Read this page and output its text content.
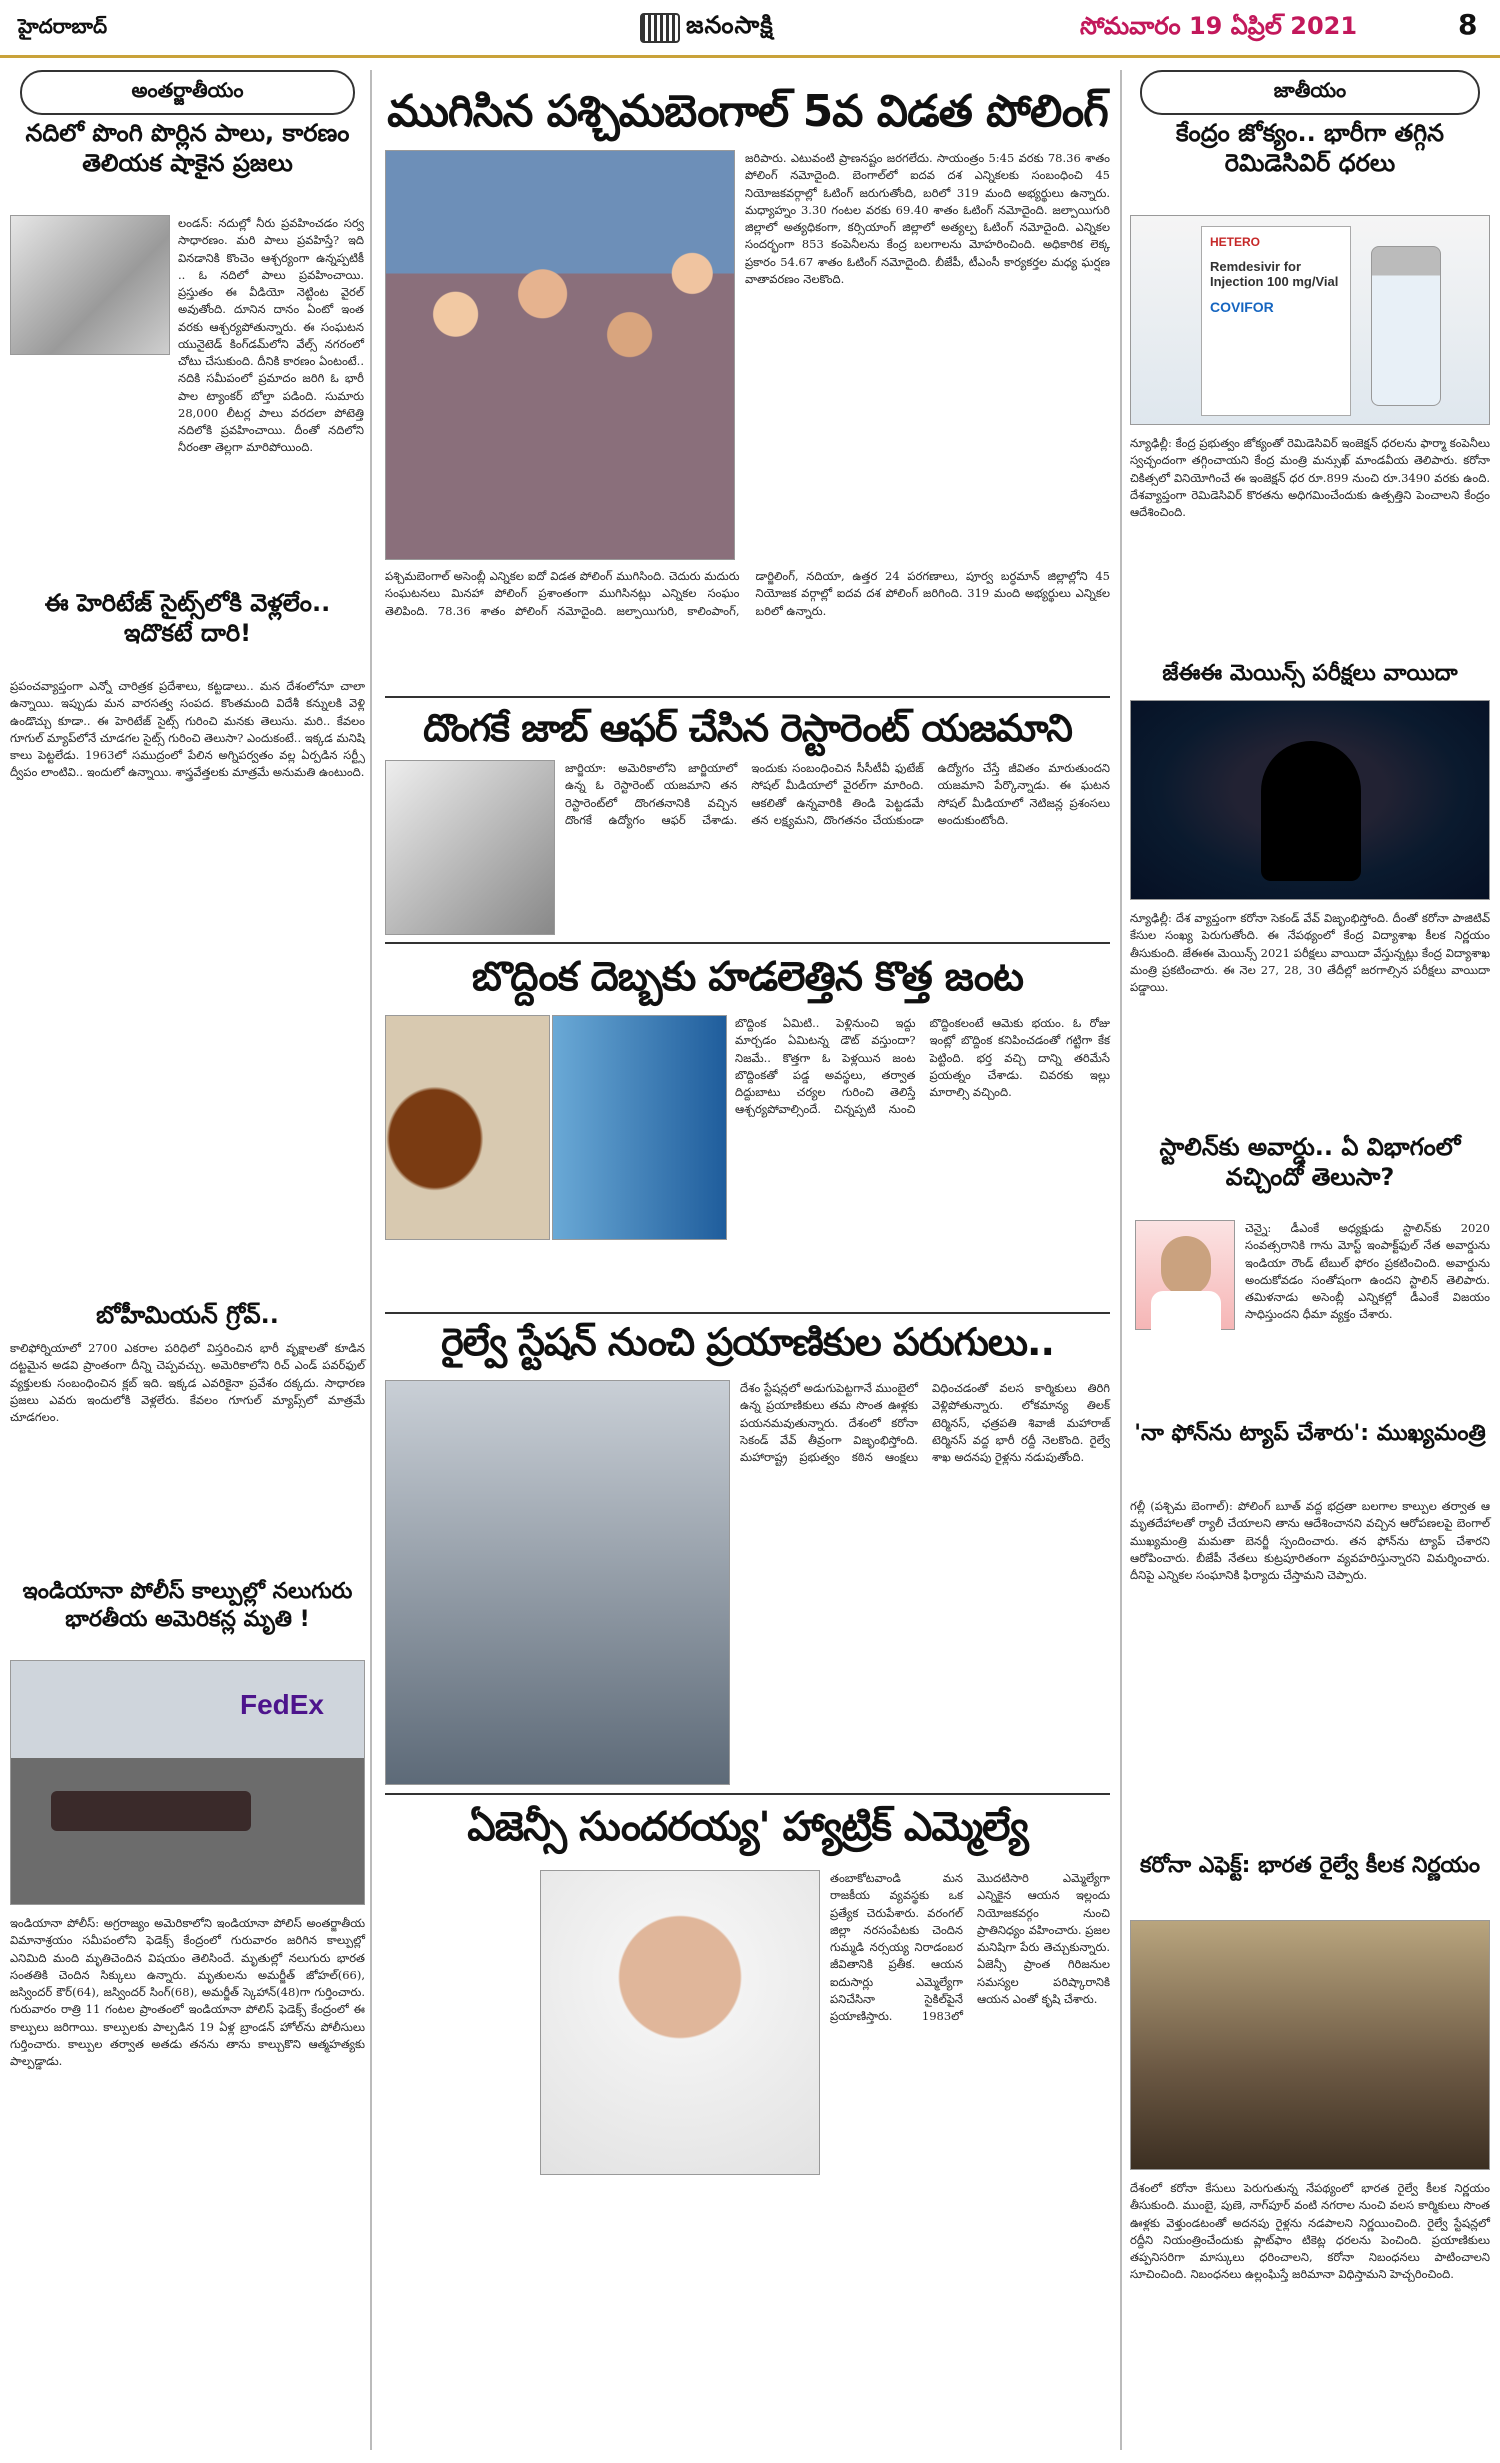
హైదరాబాద్	జనంసాక్షి	సోమవారం 19 ఏప్రిల్ 2021	8
అంతర్జాతీయం
నదిలో పొంగి పొర్లిన పాలు, కారణం తెలియక షాకైన ప్రజలు
లండన్: నదుల్లో నీరు ప్రవహించడం సర్వ సాధారణం. మరి పాలు ప్రవహిస్తే? ఇది వినడానికి కొంచెం ఆశ్చర్యంగా ఉన్నప్పటికీ .. ఓ నదిలో పాలు ప్రవహించాయి. ప్రస్తుతం ఈ వీడియో నెట్టింట వైరల్ అవుతోంది. దూనిన దానం ఏంటో ఇంత వరకు ఆశ్చర్యపోతున్నారు. ఈ సంఘటన యునైటెడ్ కింగ్‌డమ్‌లోని వేల్స్ నగరంలో చోటు చేసుకుంది. దీనికి కారణం ఏంటంటే.. నదికి సమీపంలో ప్రమాదం జరిగి ఓ భారీ పాల ట్యాంకర్ బోల్తా పడింది. సుమారు 28,000 లీటర్ల పాలు వరదలా పోటెత్తి నదిలోకి ప్రవహించాయి. దీంతో నదిలోని నీరంతా తెల్లగా మారిపోయింది.
ఈ హెరిటేజ్ సైట్స్‌లోకి వెళ్లలేం.. ఇదొకటే దారి!
ప్రపంచవ్యాప్తంగా ఎన్నో చారిత్రక ప్రదేశాలు, కట్టడాలు.. మన దేశంలోనూ చాలా ఉన్నాయి. ఇప్పుడు మన వారసత్వ సంపద. కొంతమంది విదేశీ కన్నులకి వెళ్లి ఉండొచ్చు కూడా.. ఈ హెరిటేజ్ సైట్స్ గురించి మనకు తెలుసు. మరి.. కేవలం గూగుల్ మ్యాప్‌లోనే చూడగల సైట్స్ గురించి తెలుసా? ఎందుకంటే.. ఇక్కడ మనిషి కాలు పెట్టలేడు. 1963లో సముద్రంలో పేలిన అగ్నిపర్వతం వల్ల ఏర్పడిన సర్ట్సీ ద్వీపం లాంటివి.. ఇందులో ఉన్నాయి. శాస్త్రవేత్తలకు మాత్రమే అనుమతి ఉంటుంది.
బోహీమియన్ గ్రోవ్..
కాలిఫోర్నియాలో 2700 ఎకరాల పరిధిలో విస్తరించిన భారీ వృక్షాలతో కూడిన దట్టమైన అడవి ప్రాంతంగా దీన్ని చెప్పవచ్చు. అమెరికాలోని రిచ్ ఎండ్ పవర్‌ఫుల్ వ్యక్తులకు సంబంధించిన క్లబ్ ఇది. ఇక్కడ ఎవరికైనా ప్రవేశం దక్కదు. సాధారణ ప్రజలు ఎవరు ఇందులోకి వెళ్లలేరు. కేవలం గూగుల్ మ్యాప్స్‌లో మాత్రమే చూడగలం.
ఇండియానా పోలీస్ కాల్పుల్లో నలుగురు భారతీయ అమెరికన్ల మృతి !
FedEx
ఇండియానా పోలీస్: అగ్రరాజ్యం అమెరికాలోని ఇండియానా పోలిస్ అంతర్జాతీయ విమానాశ్రయం సమీపంలోని ఫెడెక్స్ కేంద్రంలో గురువారం జరిగిన కాల్పుల్లో ఎనిమిది మంది మృతిచెందిన విషయం తెలిసిందే. మృతుల్లో నలుగురు భారత సంతతికి చెందిన సిక్కులు ఉన్నారు. మృతులను అమర్జీత్ జోహల్(66), జస్విందర్ కౌర్(64), జస్విందర్ సింగ్(68), అమర్జీత్ స్కెహాన్(48)గా గుర్తించారు. గురువారం రాత్రి 11 గంటల ప్రాంతంలో ఇండియానా పోలిస్ ఫెడెక్స్ కేంద్రంలో ఈ కాల్పులు జరిగాయి. కాల్పులకు పాల్పడిన 19 ఏళ్ల బ్రాండన్ హోల్‌ను పోలీసులు గుర్తించారు. కాల్పుల తర్వాత అతడు తనను తాను కాల్చుకొని ఆత్మహత్యకు పాల్పడ్డాడు.
ముగిసిన పశ్చిమబెంగాల్ 5వ విడత పోలింగ్
జరిపారు. ఎటువంటి ప్రాణనష్టం జరగలేదు. సాయంత్రం 5:45 వరకు 78.36 శాతం పోలింగ్ నమోదైంది. బెంగాల్‌లో ఐదవ దశ ఎన్నికలకు సంబంధించి 45 నియోజకవర్గాల్లో ఓటింగ్ జరుగుతోంది, బరిలో 319 మంది అభ్యర్థులు ఉన్నారు. మధ్యాహ్నం 3.30 గంటల వరకు 69.40 శాతం ఓటింగ్ నమోదైంది. జల్పాయిగురి జిల్లాలో అత్యధికంగా, కర్సియాంగ్ జిల్లాలో అత్యల్ప ఓటింగ్ నమోదైంది. ఎన్నికల సందర్భంగా 853 కంపెనీలను కేంద్ర బలగాలను మోహరించింది. అధికారిక లెక్క ప్రకారం 54.67 శాతం ఓటింగ్ నమోదైంది. బీజేపీ, టీఎంసీ కార్యకర్తల మధ్య ఘర్షణ వాతావరణం నెలకొంది.
పశ్చిమబెంగాల్ అసెంబ్లీ ఎన్నికల ఐదో విడత పోలింగ్ ముగిసింది. చెదురు మదురు సంఘటనలు మినహా పోలింగ్ ప్రశాంతంగా ముగిసినట్లు ఎన్నికల సంఘం తెలిపింది. 78.36 శాతం పోలింగ్ నమోదైంది. జల్పాయిగురి, కాలింపాంగ్, డార్జిలింగ్, నదియా, ఉత్తర 24 పరగణాలు, పూర్వ బర్ధమాన్ జిల్లాల్లోని 45 నియోజక వర్గాల్లో ఐదవ దశ పోలింగ్ జరిగింది. 319 మంది అభ్యర్థులు ఎన్నికల బరిలో ఉన్నారు.
దొంగకే జాబ్ ఆఫర్ చేసిన రెస్టారెంట్ యజమాని
జార్జియా: అమెరికాలోని జార్జియాలో ఉన్న ఓ రెస్టారెంట్ యజమాని తన రెస్టారెంట్‌లో దొంగతనానికి వచ్చిన దొంగకే ఉద్యోగం ఆఫర్ చేశాడు. ఇందుకు సంబంధించిన సీసీటీవీ ఫుటేజ్ సోషల్ మీడియాలో వైరల్‌గా మారింది. ఆకలితో ఉన్నవారికి తిండి పెట్టడమే తన లక్ష్యమని, దొంగతనం చేయకుండా ఉద్యోగం చేస్తే జీవితం మారుతుందని యజమాని పేర్కొన్నాడు. ఈ ఘటన సోషల్ మీడియాలో నెటిజన్ల ప్రశంసలు అందుకుంటోంది.
బొద్దింక దెబ్బకు హడలెత్తిన కొత్త జంట
బొద్దింక ఏమిటి.. పెళ్లినుంచి ఇద్దు మార్చడం ఏమిటన్న డౌట్ వస్తుందా? నిజమే.. కొత్తగా ఓ పెళ్లయిన జంట బొద్దింకతో పడ్డ అవస్థలు, తర్వాత దిద్దుబాటు చర్యల గురించి తెలిస్తే ఆశ్చర్యపోవాల్సిందే. చిన్నప్పటి నుంచి బొద్దింకలంటే ఆమెకు భయం. ఓ రోజు ఇంట్లో బొద్దింక కనిపించడంతో గట్టిగా కేక పెట్టింది. భర్త వచ్చి దాన్ని తరిమేసే ప్రయత్నం చేశాడు. చివరకు ఇల్లు మారాల్సి వచ్చింది.
రైల్వే స్టేషన్ నుంచి ప్రయాణికుల పరుగులు..
దేశం స్టేషన్లలో అడుగుపెట్టగానే ముంబైలో ఉన్న ప్రయాణికులు తమ సొంత ఊళ్లకు పయనమవుతున్నారు. దేశంలో కరోనా సెకండ్ వేవ్ తీవ్రంగా విజృంభిస్తోంది. మహారాష్ట్ర ప్రభుత్వం కఠిన ఆంక్షలు విధించడంతో వలస కార్మికులు తిరిగి వెళ్లిపోతున్నారు. లోకమాన్య తిలక్ టెర్మినస్, ఛత్రపతి శివాజీ మహారాజ్ టెర్మినస్ వద్ద భారీ రద్దీ నెలకొంది. రైల్వే శాఖ అదనపు రైళ్లను నడుపుతోంది.
ఏజెన్సీ సుందరయ్య' హ్యాట్రిక్ ఎమ్మెల్యే
తంబాకోటవాండి మన రాజకీయ వ్యవస్థకు ఒక ప్రత్యేక చెరుపేశారు. వరంగల్ జిల్లా నరసంపేటకు చెందిన గుమ్మడి నర్సయ్య నిరాడంబర జీవితానికి ప్రతీక. ఆయన ఐదుసార్లు ఎమ్మెల్యేగా పనిచేసినా సైకిల్‌పైనే ప్రయాణిస్తారు. 1983లో మొదటిసారి ఎమ్మెల్యేగా ఎన్నికైన ఆయన ఇల్లందు నియోజకవర్గం నుంచి ప్రాతినిధ్యం వహించారు. ప్రజల మనిషిగా పేరు తెచ్చుకున్నారు. ఏజెన్సీ ప్రాంత గిరిజనుల సమస్యల పరిష్కారానికి ఆయన ఎంతో కృషి చేశారు.
జాతీయం
కేంద్రం జోక్యం.. భారీగా తగ్గిన రెమిడెసివిర్ ధరలు
HETERO
Remdesivir for Injection 100 mg/Vial
COVIFOR
న్యూఢిల్లీ: కేంద్ర ప్రభుత్వం జోక్యంతో రెమిడెసివిర్ ఇంజెక్షన్ ధరలను ఫార్మా కంపెనీలు స్వచ్ఛందంగా తగ్గించాయని కేంద్ర మంత్రి మన్సుఖ్ మాండవీయ తెలిపారు. కరోనా చికిత్సలో వినియోగించే ఈ ఇంజెక్షన్ ధర రూ.899 నుంచి రూ.3490 వరకు ఉంది. దేశవ్యాప్తంగా రెమిడెసివిర్ కొరతను అధిగమించేందుకు ఉత్పత్తిని పెంచాలని కేంద్రం ఆదేశించింది.
జేఈఈ మెయిన్స్ పరీక్షలు వాయిదా
న్యూఢిల్లీ: దేశ వ్యాప్తంగా కరోనా సెకండ్ వేవ్ విజృంభిస్తోంది. దీంతో కరోనా పాజిటివ్ కేసుల సంఖ్య పెరుగుతోంది. ఈ నేపథ్యంలో కేంద్ర విద్యాశాఖ కీలక నిర్ణయం తీసుకుంది. జేఈఈ మెయిన్స్ 2021 పరీక్షలు వాయిదా వేస్తున్నట్లు కేంద్ర విద్యాశాఖ మంత్రి ప్రకటించారు. ఈ నెల 27, 28, 30 తేదీల్లో జరగాల్సిన పరీక్షలు వాయిదా పడ్డాయి.
స్టాలిన్‌కు అవార్డు.. ఏ విభాగంలో వచ్చిందో తెలుసా?
చెన్నై: డీఎంకే అధ్యక్షుడు స్టాలిన్‌కు 2020 సంవత్సరానికి గాను మోస్ట్ ఇంపాక్ట్‌ఫుల్ నేత అవార్డును ఇండియా రౌండ్ టేబుల్ ఫోరం ప్రకటించింది. అవార్డును అందుకోవడం సంతోషంగా ఉందని స్టాలిన్ తెలిపారు. తమిళనాడు అసెంబ్లీ ఎన్నికల్లో డీఎంకే విజయం సాధిస్తుందని ధీమా వ్యక్తం చేశారు.
'నా ఫోన్‌ను ట్యాప్ చేశారు': ముఖ్యమంత్రి
గల్లీ (పశ్చిమ బెంగాల్): పోలింగ్ బూత్ వద్ద భద్రతా బలగాల కాల్పుల తర్వాత ఆ మృతదేహాలతో ర్యాలీ చేయాలని తాను ఆదేశించానని వచ్చిన ఆరోపణలపై బెంగాల్ ముఖ్యమంత్రి మమతా బెనర్జీ స్పందించారు. తన ఫోన్‌ను ట్యాప్ చేశారని ఆరోపించారు. బీజేపీ నేతలు కుట్రపూరితంగా వ్యవహరిస్తున్నారని విమర్శించారు. దీనిపై ఎన్నికల సంఘానికి ఫిర్యాదు చేస్తామని చెప్పారు.
కరోనా ఎఫెక్ట్: భారత రైల్వే కీలక నిర్ణయం
దేశంలో కరోనా కేసులు పెరుగుతున్న నేపథ్యంలో భారత రైల్వే కీలక నిర్ణయం తీసుకుంది. ముంబై, పుణె, నాగ్‌పూర్ వంటి నగరాల నుంచి వలస కార్మికులు సొంత ఊళ్లకు వెళ్తుండటంతో అదనపు రైళ్లను నడపాలని నిర్ణయించింది. రైల్వే స్టేషన్లలో రద్దీని నియంత్రించేందుకు ప్లాట్‌ఫాం టికెట్ల ధరలను పెంచింది. ప్రయాణికులు తప్పనిసరిగా మాస్కులు ధరించాలని, కరోనా నిబంధనలు పాటించాలని సూచించింది. నిబంధనలు ఉల్లంఘిస్తే జరిమానా విధిస్తామని హెచ్చరించింది.
